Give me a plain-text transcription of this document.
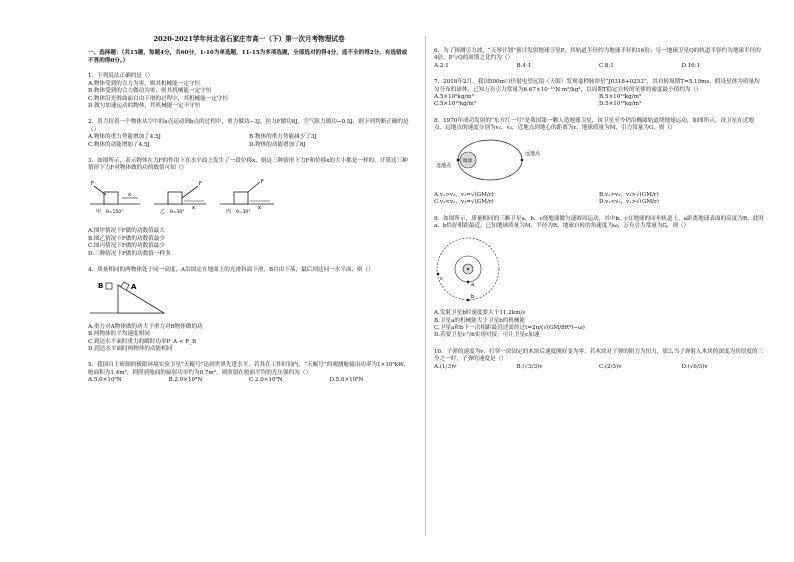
2020-2021学年河北省石家庄市高一（下）第一次月考物理试卷
一、选择题：（共15题，每题4分，共60分，1-10为单选题，11-15为多项选题，全部选对的得4分，选不全的得2分，有选错或不答的得0分。）
1．下列说法正确的是（）
A.物体受到的合力为零，则其机械能一定守恒
B.物体受到的合力做功为零，则其机械能一定守恒
C.物体沿光滑曲面自由下滑的过程中，其机械能一定守恒
D.做匀加速运动的物体，其机械能一定不守恒
2．用力拉着一个物体从空中的a点运动到b点的过程中，重力做功−3J，拉力F做功8J，空气阻力做功−0.5J，则下列判断正确的是（）
A.物体的重力势能增加了4.5J	B.物体的重力势能减少了3J
C.物体的动能增加了4.5J	D.物体的动能增加了8J
3．如图所示，表示物体在力F的作用下在水平面上发生了一段位移x，则这三种情形下力F和位移x的大小都是一样的，计算这三种情形下力F对物体做的功的数值可知（）
F
x
甲 θ=150°
F
x
乙 θ=30°
F
x
丙 θ=30°
A.图甲情况下F做的功数值最大
B.图乙情况下F做的功数值最少
C.图丙情况下F做的功数值最少
D.三种情况下F做的功数值一样多
4．质量相同的两物体处于同一高度，A沿固定在地面上的光滑斜面下滑，B自由下落，最后到达同一水平面，则（）
B	A
A.重力对A物体做的功大于重力对B物体做的功
B.两物体的平均速度相同
C.到达水平面时重力的瞬时功率P_A < P_B
D.到达水平面时两物体的动能相同
5．我国自主研制的极限环境实验卫星“天鲲号”达到世界先进水平，若其在工作时间内，“天鲲号”的观测舱输出功率为1×10⁶kW，舱面积为1.4m²，则照到舱面的辐射功率约为0.7m²，则照射在舱面平均的光压强约为（）
A.5.0×10⁶N	B.2.0×10⁸N	C.2.0×10⁸N	D.5.0×10⁸N
6．为了探测引力波，“天琴计划”预计发射地球卫星P，其轨道半径约为地球半径的16倍；另一地球卫星Q的轨道半径约为地球半径的4倍，P与Q的周期之比约为（）
A.2:1	B.4:1	C.8:1	D.16:1
7．2018年2月，我国500m口径射电望远镜（天眼）发现毫秒脉冲星“J0318+0253”，其自转周期T=5.19ms，假设星体为质量均匀分布的球体，已知万有引力常量为6.67×10⁻¹¹N·m²/kg²，以周期T稳定自转的星体的密度最小值约为（）
A.5×10⁹kg/m³	B.5×10¹²kg/m³
C.5×10¹⁵kg/m³	D.5×10¹⁸kg/m³
8．1970年成功发射的“东方红一号”是我国第一颗人造地球卫星，该卫星至今仍沿椭圆轨道绕地球运动，如图所示，设卫星在近地点、远地点的速度分别为v₁、v₂，近地点到地心的距离为r，地球质量为M，引力常量为G，则（）
近地点
地球
远地点
A.v₁>v₂，v₁=√(GM/r)	B.v₁>v₂，v₁>√(GM/r)
C.v₁<v₂，v₁=√(GM/r)	D.v₁<v₂，v₁>√(GM/r)
9．如图所示，质量相同的三颗卫星a、b、c绕地球做匀速圆周运动，其中b、c在地球的同步轨道上，a距离地球表面的高度为R，此时a、b恰好相距最近，已知地球质量为M、半径为R、地球自转的角速度为ω，万有引力常量为G，则（）
c
b
a
A.发射卫星b时速度要大于11.2km/s
B.卫星a的机械能大于卫星b的机械能
C.卫星a和b下一次相距最近还需经过t=2π/(√(GM/8R³)−ω)
D.若要卫星c与b实现对接，可让卫星c加速
10．子弹的速度为v，打穿一块固定的木块后速度刚好变为零，若木块对子弹的阻力为恒力，那么当子弹射入木块的深度为其厚度的三分之一时，子弹的速度是（）
A.(1/3)v	B.(√3/3)v	C.(2/3)v	D.(√6/3)v
